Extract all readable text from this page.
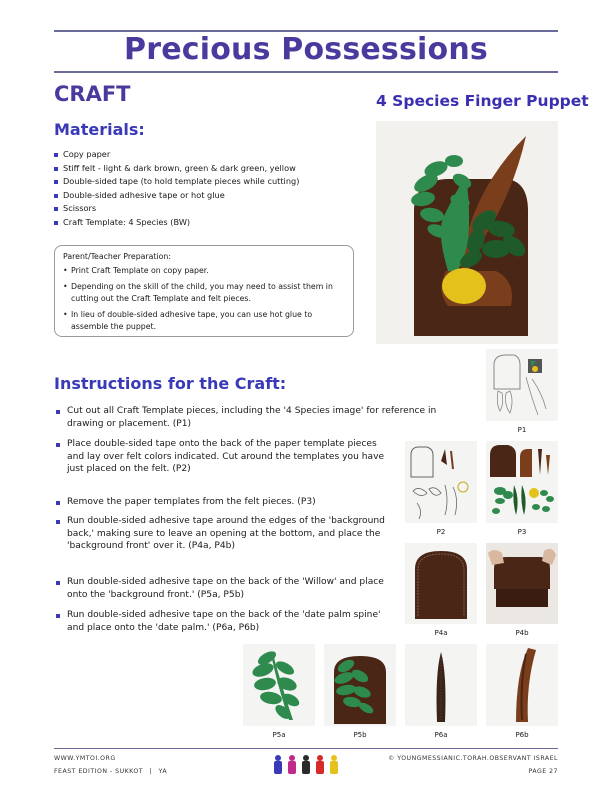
Precious Possessions
CRAFT	4 Species Finger Puppet
Materials:
Copy paper
Stiff felt - light & dark brown, green & dark green, yellow
Double-sided tape (to hold template pieces while cutting)
Double-sided adhesive tape or hot glue
Scissors
Craft Template: 4 Species (BW)
Parent/Teacher Preparation:
• Print Craft Template on copy paper.
• Depending on the skill of the child, you may need to assist them in cutting out the Craft Template and felt pieces.
• In lieu of double-sided adhesive tape, you can use hot glue to assemble the puppet.
Instructions for the Craft:
Cut out all Craft Template pieces, including the '4 Species image' for reference in drawing or placement. (P1)
Place double-sided tape onto the back of the paper template pieces and lay over felt colors indicated. Cut around the templates you have just placed on the felt. (P2)
Remove the paper templates from the felt pieces. (P3)
Run double-sided adhesive tape around the edges of the 'background back,' making sure to leave an opening at the bottom, and place the 'background front' over it. (P4a, P4b)
Run double-sided adhesive tape on the back of the 'Willow' and place onto the 'background front.' (P5a, P5b)
Run double-sided adhesive tape on the back of the 'date palm spine' and place onto the 'date palm.' (P6a, P6b)
P1
P2	P3
P4a	P4b
P5a	P5b	P6a	P6b
WWW.YMTOI.ORG
FEAST EDITION - SUKKOT | YA
© YOUNGMESSIANIC.TORAH.OBSERVANT ISRAEL
PAGE 27
